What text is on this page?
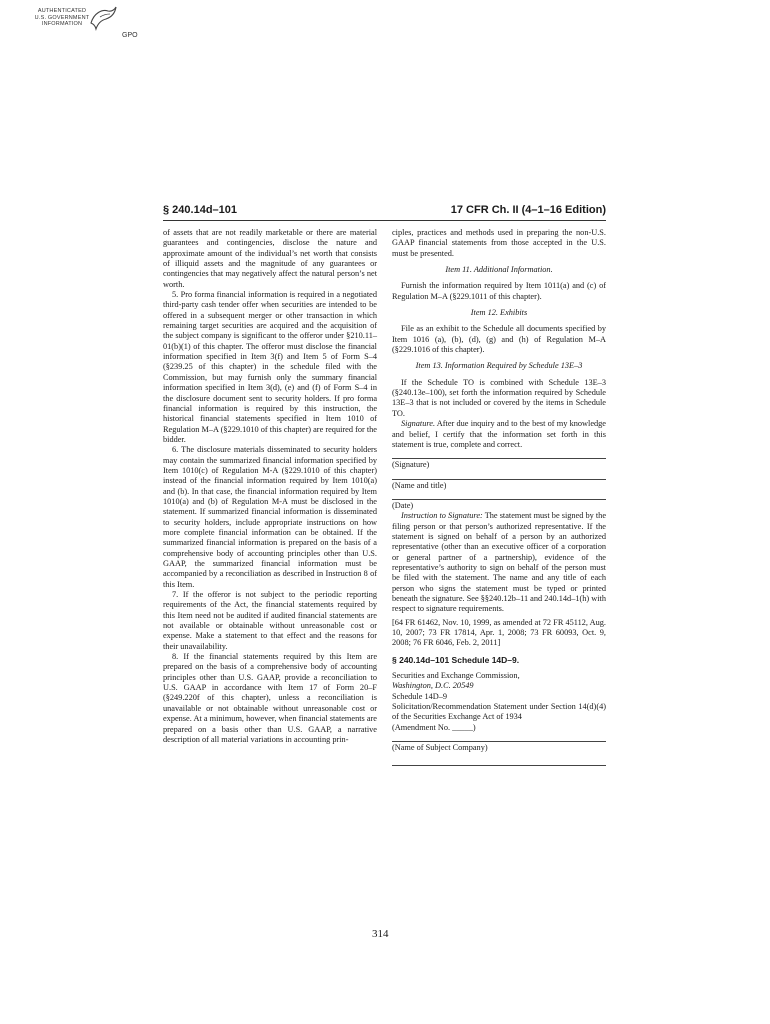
AUTHENTICATED
U.S. GOVERNMENT
INFORMATION
GPO
§ 240.14d–101	17 CFR Ch. II (4–1–16 Edition)

of assets that are not readily marketable or there are material guarantees and contingencies, disclose the nature and approximate amount of the individual’s net worth that consists of illiquid assets and the magnitude of any guarantees or contingencies that may negatively affect the natural person’s net worth.

5. Pro forma financial information is required in a negotiated third-party cash tender offer when securities are intended to be offered in a subsequent merger or other transaction in which remaining target securities are acquired and the acquisition of the subject company is significant to the offeror under §210.11–01(b)(1) of this chapter. The offeror must disclose the financial information specified in Item 3(f) and Item 5 of Form S–4 (§239.25 of this chapter) in the schedule filed with the Commission, but may furnish only the summary financial information specified in Item 3(d), (e) and (f) of Form S–4 in the disclosure document sent to security holders. If pro forma financial information is required by this instruction, the historical financial statements specified in Item 1010 of Regulation M–A (§229.1010 of this chapter) are required for the bidder.

6. The disclosure materials disseminated to security holders may contain the summarized financial information specified by Item 1010(c) of Regulation M-A (§229.1010 of this chapter) instead of the financial information required by Item 1010(a) and (b). In that case, the financial information required by Item 1010(a) and (b) of Regulation M-A must be disclosed in the statement. If summarized financial information is disseminated to security holders, include appropriate instructions on how more complete financial information can be obtained. If the summarized financial information is prepared on the basis of a comprehensive body of accounting principles other than U.S. GAAP, the summarized financial information must be accompanied by a reconciliation as described in Instruction 8 of this Item.

7. If the offeror is not subject to the periodic reporting requirements of the Act, the financial statements required by this Item need not be audited if audited financial statements are not available or obtainable without unreasonable cost or expense. Make a statement to that effect and the reasons for their unavailability.

8. If the financial statements required by this Item are prepared on the basis of a comprehensive body of accounting principles other than U.S. GAAP, provide a reconciliation to U.S. GAAP in accordance with Item 17 of Form 20–F (§249.220f of this chapter), unless a reconciliation is unavailable or not obtainable without unreasonable cost or expense. At a minimum, however, when financial statements are prepared on a basis other than U.S. GAAP, a narrative description of all material variations in accounting prin-

ciples, practices and methods used in preparing the non-U.S. GAAP financial statements from those accepted in the U.S. must be presented.

Item 11. Additional Information.

Furnish the information required by Item 1011(a) and (c) of Regulation M–A (§229.1011 of this chapter).

Item 12. Exhibits

File as an exhibit to the Schedule all documents specified by Item 1016 (a), (b), (d), (g) and (h) of Regulation M–A (§229.1016 of this chapter).

Item 13. Information Required by Schedule 13E–3

If the Schedule TO is combined with Schedule 13E–3 (§240.13e–100), set forth the information required by Schedule 13E–3 that is not included or covered by the items in Schedule TO.

Signature. After due inquiry and to the best of my knowledge and belief, I certify that the information set forth in this statement is true, complete and correct.

(Signature)

(Name and title)

(Date)

Instruction to Signature: The statement must be signed by the filing person or that person’s authorized representative. If the statement is signed on behalf of a person by an authorized representative (other than an executive officer of a corporation or general partner of a partnership), evidence of the representative’s authority to sign on behalf of the person must be filed with the statement. The name and any title of each person who signs the statement must be typed or printed beneath the signature. See §§240.12b–11 and 240.14d–1(h) with respect to signature requirements.

[64 FR 61462, Nov. 10, 1999, as amended at 72 FR 45112, Aug. 10, 2007; 73 FR 17814, Apr. 1, 2008; 73 FR 60093, Oct. 9, 2008; 76 FR 6046, Feb. 2, 2011]

§ 240.14d–101 Schedule 14D–9.

Securities and Exchange Commission,

Washington, D.C. 20549

Schedule 14D–9

Solicitation/Recommendation Statement under Section 14(d)(4) of the Securities Exchange Act of 1934

(Amendment No. _____)

(Name of Subject Company)

314
